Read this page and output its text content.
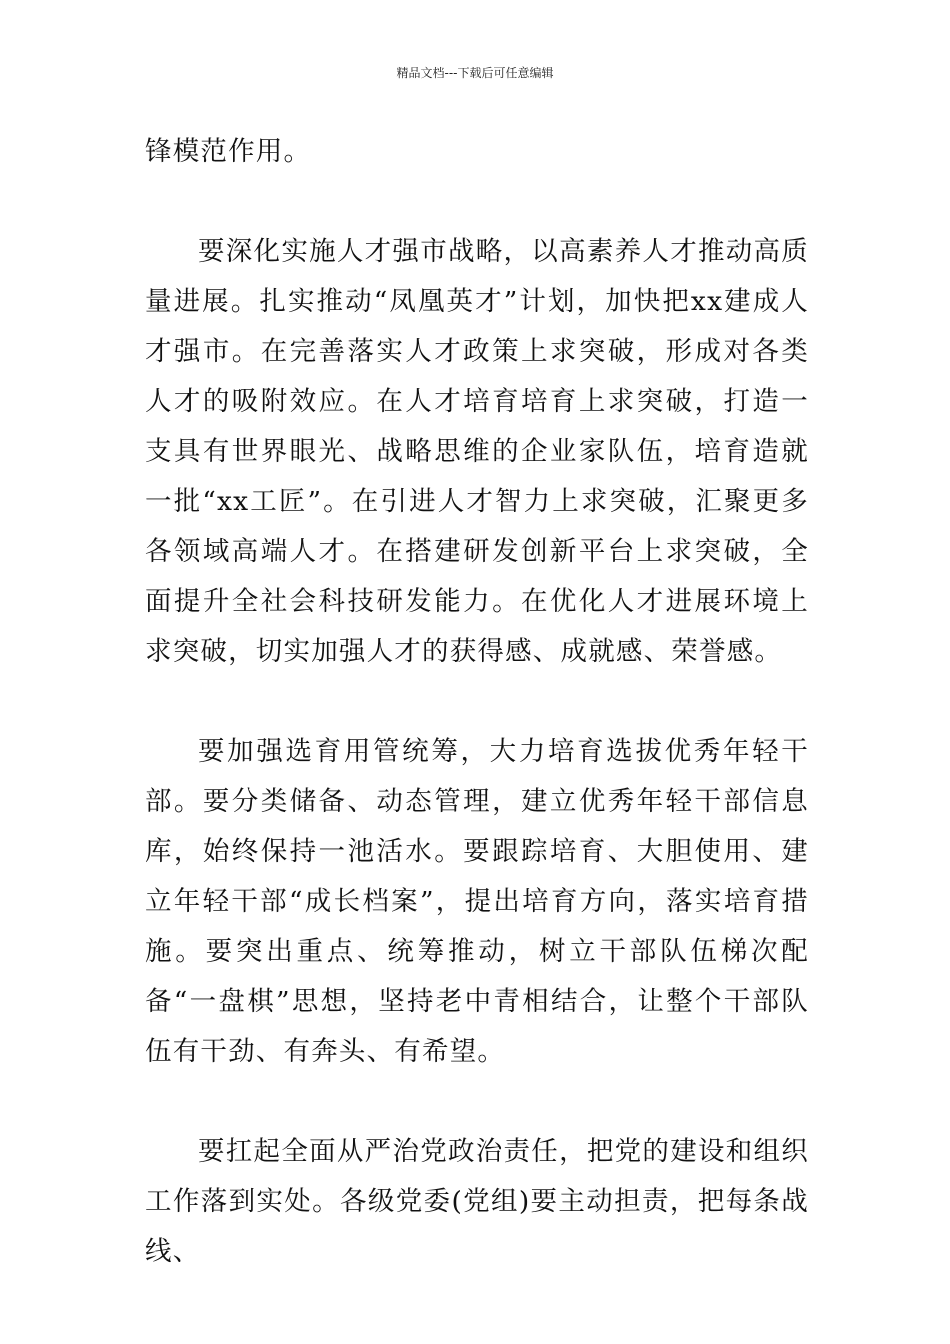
精品文档---下载后可任意编辑

锋模范作用。

要深化实施人才强市战略，以高素养人才推动高质量进展。扎实推动“凤凰英才”计划，加快把xx建成人才强市。在完善落实人才政策上求突破，形成对各类人才的吸附效应。在人才培育培育上求突破，打造一支具有世界眼光、战略思维的企业家队伍，培育造就一批“xx工匠”。在引进人才智力上求突破，汇聚更多各领域高端人才。在搭建研发创新平台上求突破，全面提升全社会科技研发能力。在优化人才进展环境上求突破，切实加强人才的获得感、成就感、荣誉感。

要加强选育用管统筹，大力培育选拔优秀年轻干部。要分类储备、动态管理，建立优秀年轻干部信息库，始终保持一池活水。要跟踪培育、大胆使用、建立年轻干部“成长档案”，提出培育方向，落实培育措施。要突出重点、统筹推动，树立干部队伍梯次配备“一盘棋”思想，坚持老中青相结合，让整个干部队伍有干劲、有奔头、有希望。

要扛起全面从严治党政治责任，把党的建设和组织工作落到实处。各级党委(党组)要主动担责，把每条战线、
